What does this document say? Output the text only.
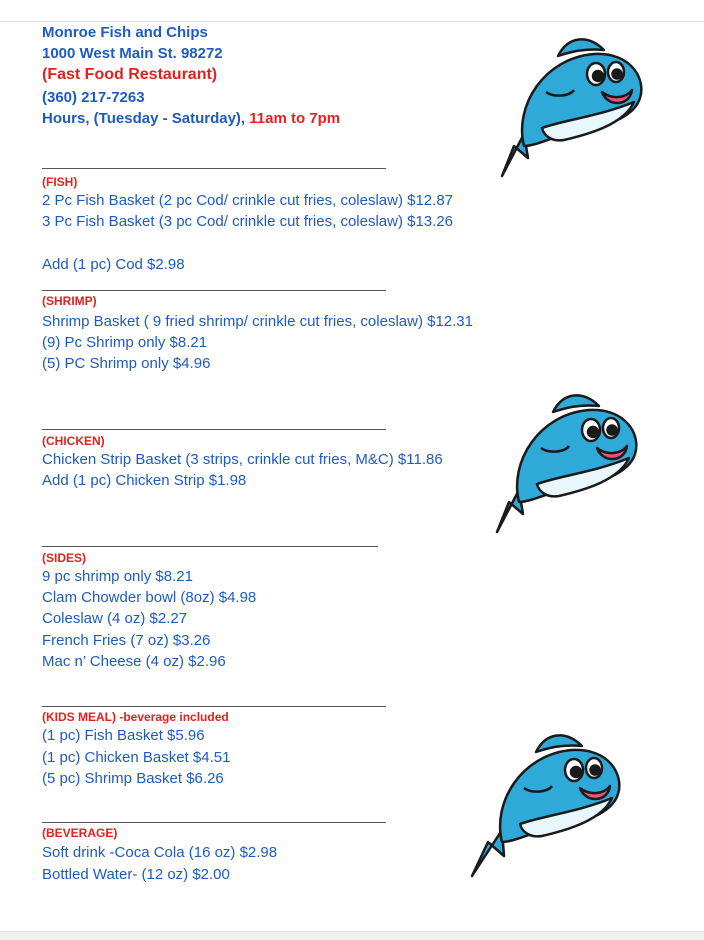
Monroe Fish and Chips
1000 West Main St. 98272
(Fast Food Restaurant)
(360) 217-7263
Hours, (Tuesday - Saturday), 11am to 7pm
(FISH)
2 Pc Fish Basket (2 pc Cod/ crinkle cut fries, coleslaw) $12.87
3 Pc Fish Basket (3 pc Cod/ crinkle cut fries, coleslaw) $13.26
Add (1 pc) Cod $2.98
(SHRIMP)
Shrimp Basket ( 9 fried shrimp/ crinkle cut fries, coleslaw) $12.31
(9) Pc Shrimp only $8.21
(5) PC Shrimp only $4.96
(CHICKEN)
Chicken Strip Basket (3 strips, crinkle cut fries, M&C) $11.86
Add (1 pc) Chicken Strip $1.98
(SIDES)
9 pc shrimp only $8.21
Clam Chowder bowl (8oz) $4.98
Coleslaw (4 oz) $2.27
French Fries (7 oz) $3.26
Mac n’ Cheese (4 oz) $2.96
(KIDS MEAL) -beverage included
(1 pc) Fish Basket $5.96
(1 pc) Chicken Basket $4.51
(5 pc) Shrimp Basket $6.26
(BEVERAGE)
Soft drink -Coca Cola (16 oz) $2.98
Bottled Water- (12 oz) $2.00
